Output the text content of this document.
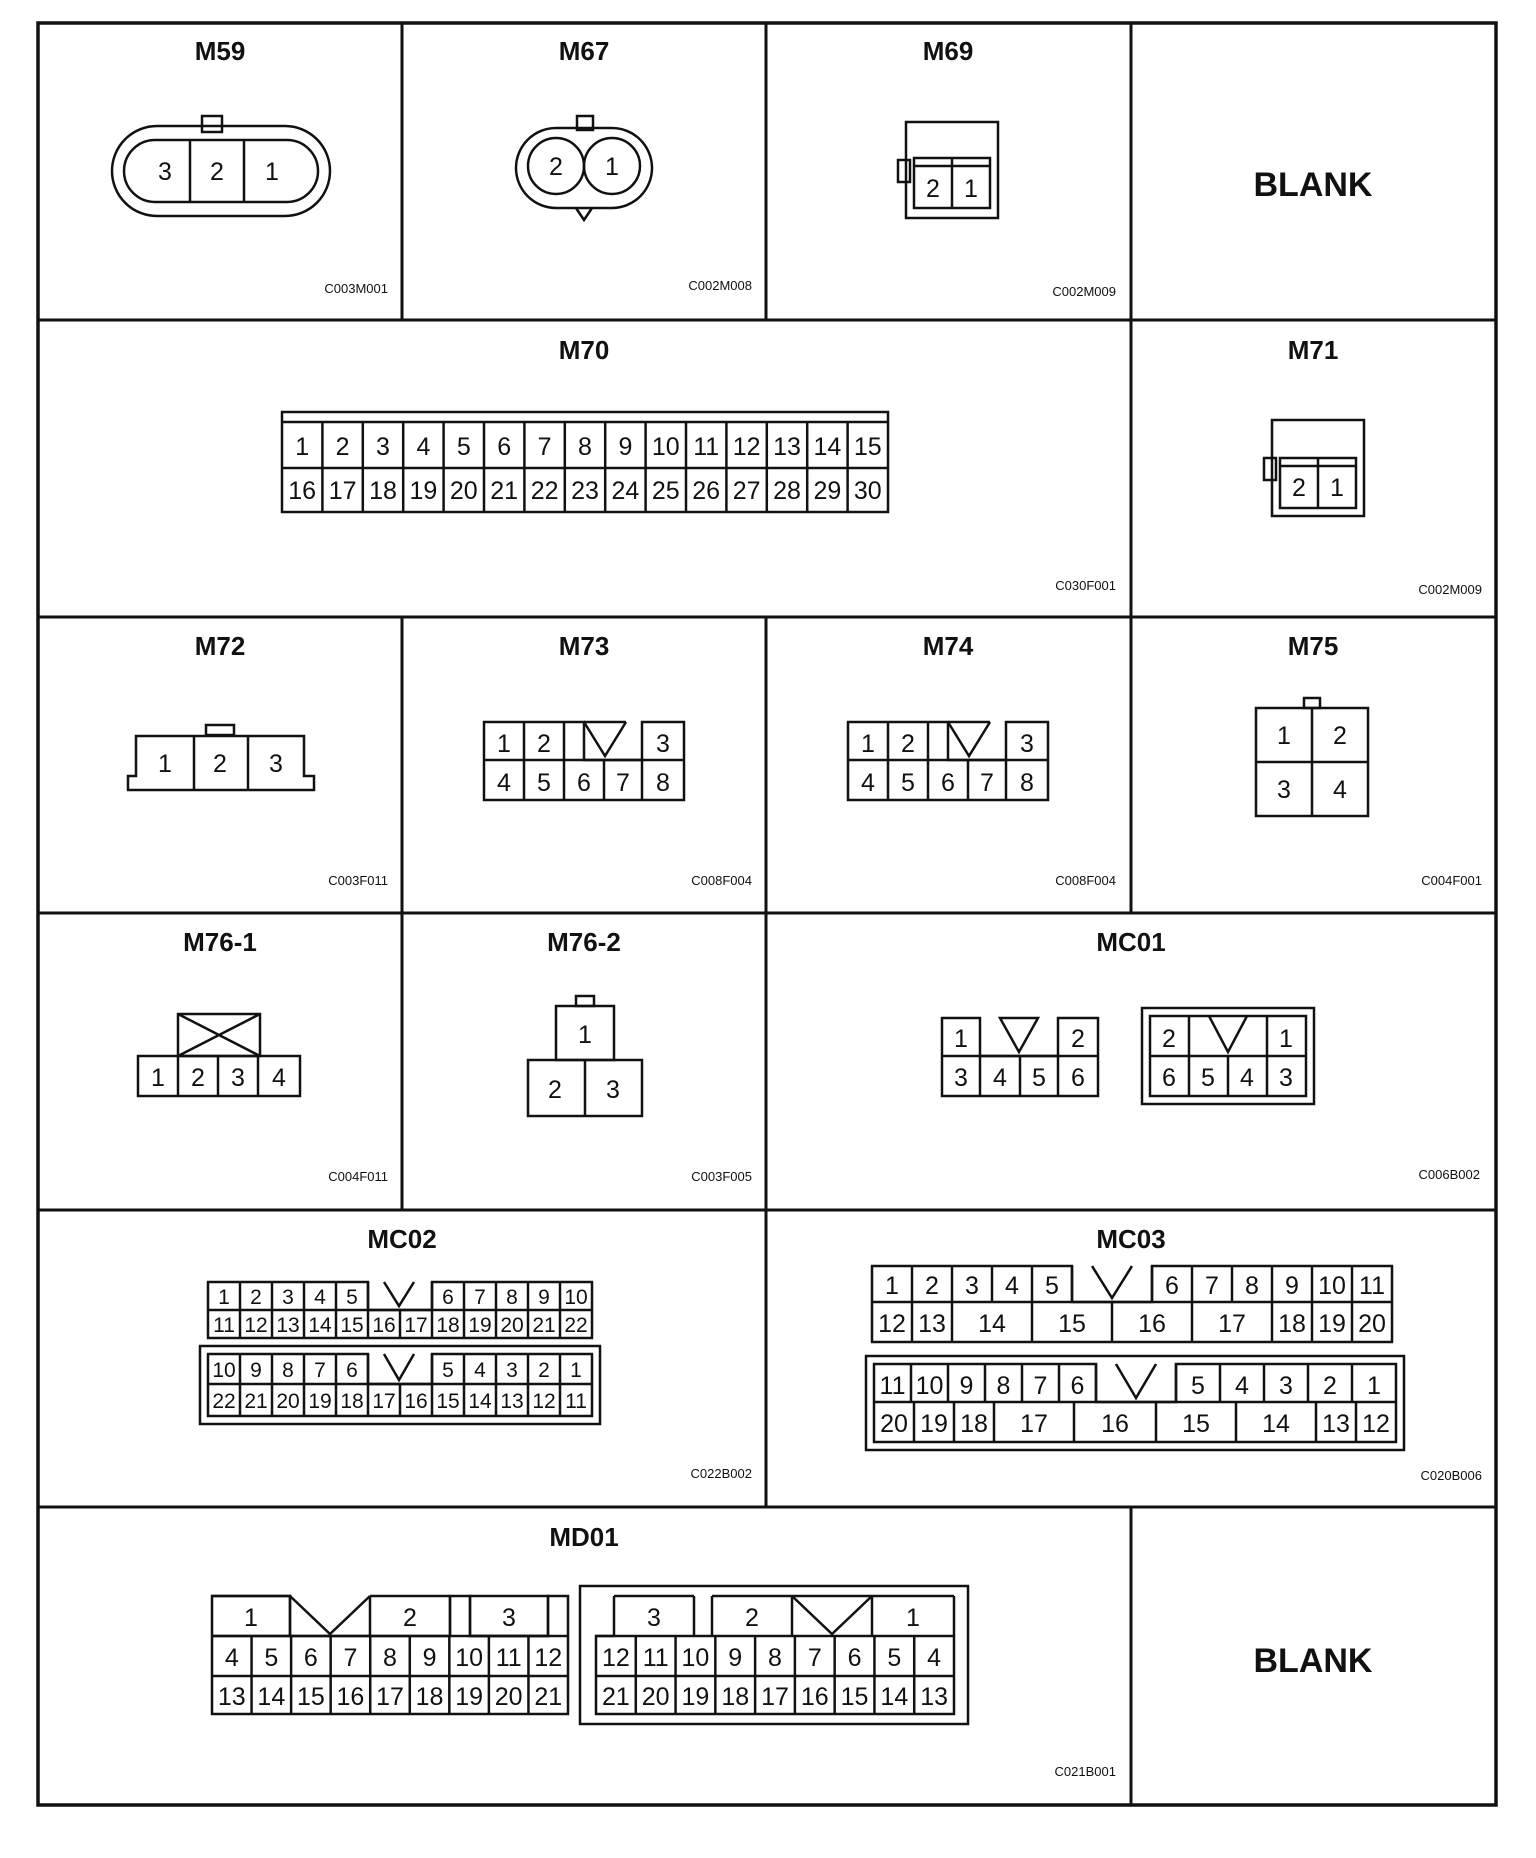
M59
3 2 1
C003M001
M67
2 1
C002M008
M69
2 1
C002M009
BLANK
M70
1 2 3 4 5 6 7 8 9 10 11 12 13 14 15
16 17 18 19 20 21 22 23 24 25 26 27 28 29 30
C030F001
M71
2 1
C002M009
M72
1 2 3
C003F011
M73
1 2	3
4 5 6 7 8
C008F004
M74
1 2	3
4 5 6 7 8
C008F004
M75
1 2
3 4
C004F001
M76-1
1 2 3 4
C004F011
M76-2
1
2 3
C003F005
MC01
1	2
3 4 5 6
2	1
6 5 4 3
C006B002
MC02
1 2 3 4 5	6 7 8 9 10
11 12 13 14 15 16 17 18 19 20 21 22
10 9 8 7 6	5 4 3 2 1
22 21 20 19 18 17 16 15 14 13 12 11
C022B002
MC03
1 2 3 4 5	6 7 8 9 10 11
12 13 14 15 16 17 18 19 20
11 10 9 8 7 6	5 4 3 2 1
20 19 18 17 16 15 14 13 12
C020B006
MD01
1	2	3
4 5 6 7 8 9 10 11 12
13 14 15 16 17 18 19 20 21
3	2	1
12 11 10 9 8 7 6 5 4
21 20 19 18 17 16 15 14 13
C021B001
BLANK
